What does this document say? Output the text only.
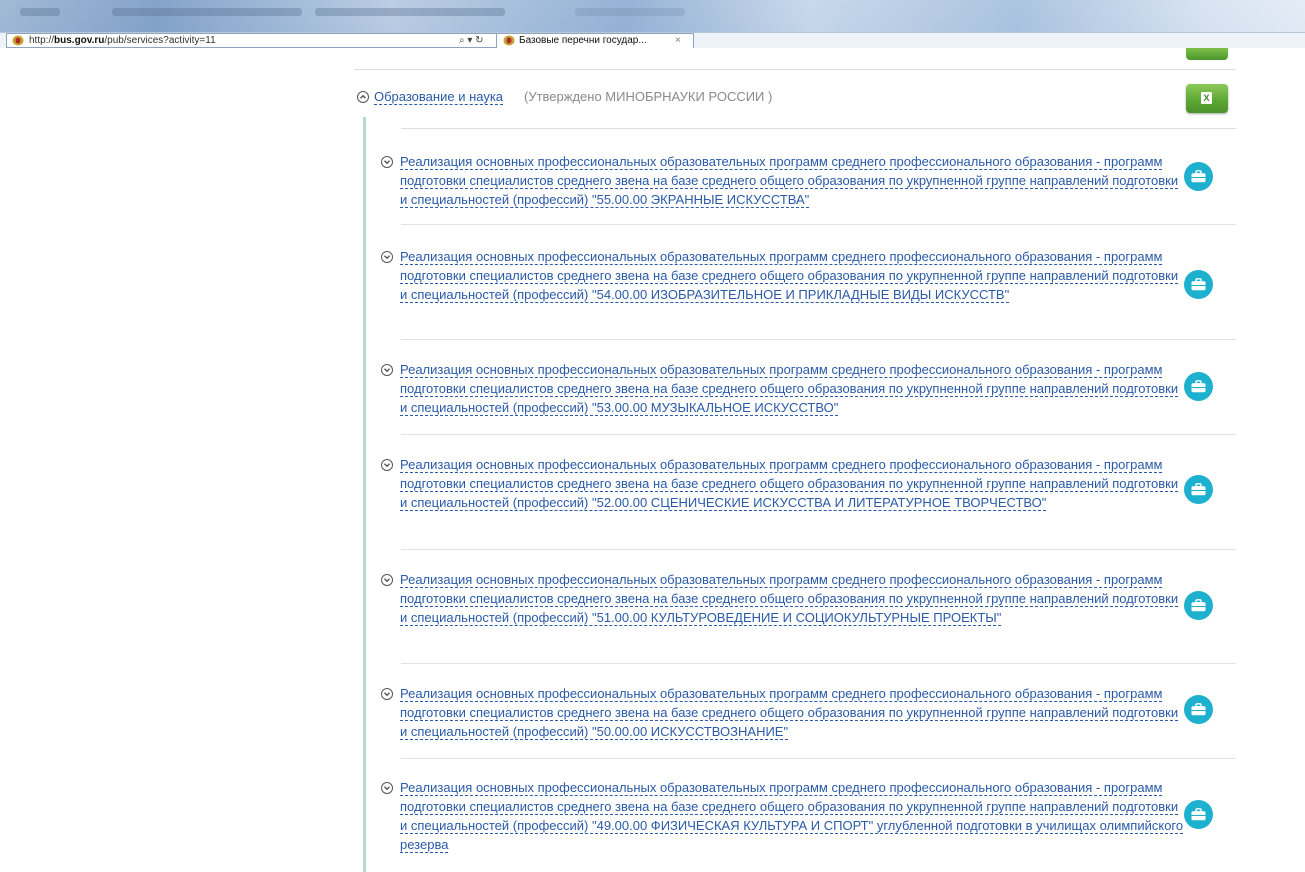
http://bus.gov.ru/pub/services?activity=11	⌕ ▾ ↻	Базовые перечни государ...	×
Образование и наука (Утверждено МИНОБРНАУКИ РОССИИ )	X
Реализация основных профессиональных образовательных программ среднего профессионального образования - программ подготовки специалистов среднего звена на базе среднего общего образования по укрупненной группе направлений подготовки и специальностей (профессий) "55.00.00 ЭКРАННЫЕ ИСКУССТВА"
Реализация основных профессиональных образовательных программ среднего профессионального образования - программ подготовки специалистов среднего звена на базе среднего общего образования по укрупненной группе направлений подготовки и специальностей (профессий) "54.00.00 ИЗОБРАЗИТЕЛЬНОЕ И ПРИКЛАДНЫЕ ВИДЫ ИСКУССТВ"
Реализация основных профессиональных образовательных программ среднего профессионального образования - программ подготовки специалистов среднего звена на базе среднего общего образования по укрупненной группе направлений подготовки и специальностей (профессий) "53.00.00 МУЗЫКАЛЬНОЕ ИСКУССТВО"
Реализация основных профессиональных образовательных программ среднего профессионального образования - программ подготовки специалистов среднего звена на базе среднего общего образования по укрупненной группе направлений подготовки и специальностей (профессий) "52.00.00 СЦЕНИЧЕСКИЕ ИСКУССТВА И ЛИТЕРАТУРНОЕ ТВОРЧЕСТВО"
Реализация основных профессиональных образовательных программ среднего профессионального образования - программ подготовки специалистов среднего звена на базе среднего общего образования по укрупненной группе направлений подготовки и специальностей (профессий) "51.00.00 КУЛЬТУРОВЕДЕНИЕ И СОЦИОКУЛЬТУРНЫЕ ПРОЕКТЫ"
Реализация основных профессиональных образовательных программ среднего профессионального образования - программ подготовки специалистов среднего звена на базе среднего общего образования по укрупненной группе направлений подготовки и специальностей (профессий) "50.00.00 ИСКУССТВОЗНАНИЕ"
Реализация основных профессиональных образовательных программ среднего профессионального образования - программ подготовки специалистов среднего звена на базе среднего общего образования по укрупненной группе направлений подготовки и специальностей (профессий) "49.00.00 ФИЗИЧЕСКАЯ КУЛЬТУРА И СПОРТ" углубленной подготовки в училищах олимпийского резерва
